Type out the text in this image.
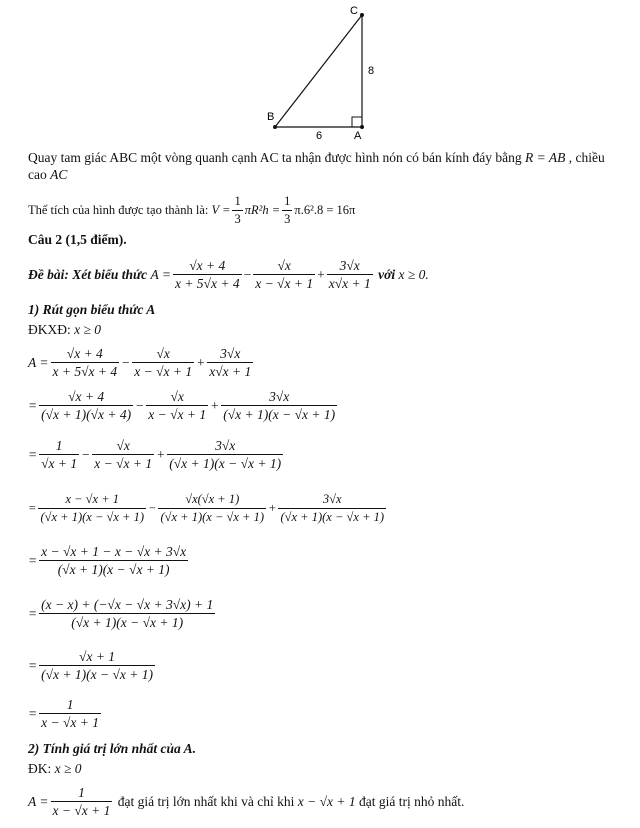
C
B
A
8
6
Quay tam giác ABC một vòng quanh cạnh AC ta nhận được hình nón có bán kính đáy bằng R = AB , chiều
cao AC
Thể tích của hình được tạo thành là:
$V = \frac{1}{3} \pi R^2h = \frac{1}{3} \pi.6^2.8 = 16\pi$
Câu 2 (1,5 điểm).
Đề bài: Xét biểu thức
$A = \frac{√x + 4}{x + 5√x + 4} - \frac{√x}{x - √x + 1} + \frac{3√x}{x√x + 1}$
với
x ≥ 0.
1) Rút gọn biểu thức A
ĐKXĐ: x ≥ 0
$A = \frac{√x + 4}{x + 5√x + 4} - \frac{√x}{x - √x + 1} + \frac{3√x}{x√x + 1}$
= $\frac{√x + 4}{(√x + 1)(√x + 4)} - \frac{√x}{x - √x + 1} + \frac{3√x}{(√x + 1)(x - √x + 1)}$
= $\frac{1}{√x + 1} - \frac{√x}{x - √x + 1} + \frac{3√x}{(√x + 1)(x - √x + 1)}$
= $\frac{x - √x + 1}{(√x + 1)(x - √x + 1)} - \frac{√x(√x + 1)}{(√x + 1)(x - √x + 1)} + \frac{3√x}{(√x + 1)(x - √x + 1)}$
= $\frac{x - √x + 1 - x - √x + 3√x}{(√x + 1)(x - √x + 1)}$
= $\frac{(x - x) + (-√x - √x + 3√x) + 1}{(√x + 1)(x - √x + 1)}$
= $\frac{√x + 1}{(√x + 1)(x - √x + 1)}$
= $\frac{1}{x - √x + 1}$
2) Tính giá trị lớn nhất của A.
ĐK: x ≥ 0
$A = \frac{1}{x - √x + 1}$
đạt giá trị lớn nhất khi và chỉ khi
x − √x + 1
đạt giá trị nhỏ nhất.
